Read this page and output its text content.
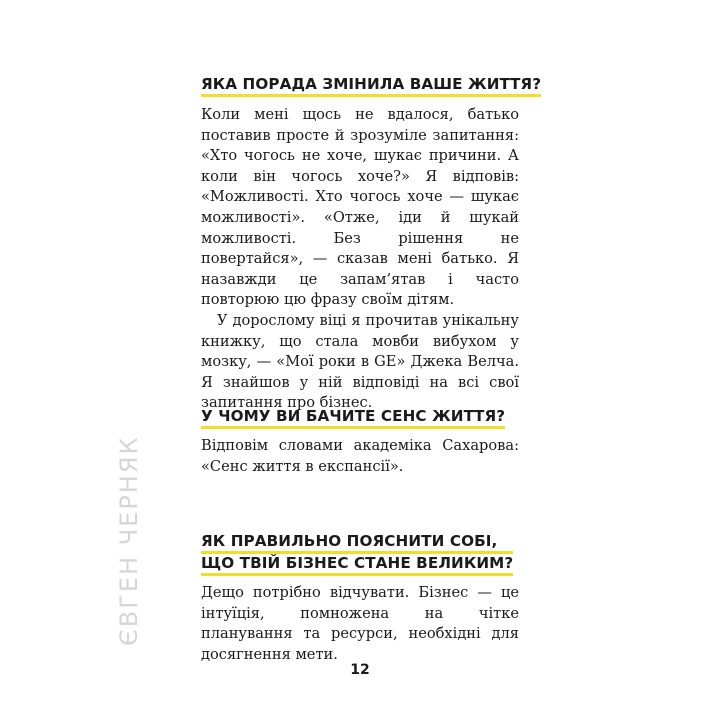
ЄВГЕН ЧЕРНЯК
ЯКА ПОРАДА ЗМІНИЛА ВАШЕ ЖИТТЯ?

Коли мені щось не вдалося, батько поставив просте й зрозуміле запитання: «Хто чогось не хоче, шукає причини. А коли він чогось хоче?» Я відповів: «Можливості. Хто чогось хоче — шукає можливості». «Отже, іди й шукай можливості. Без рішення не повертайся», — сказав мені батько. Я назавжди це запам’ятав і часто повторюю цю фразу своїм дітям.

У дорослому віці я прочитав унікальну книжку, що стала мовби вибухом у мозку, — «Мої роки в GE» Джека Велча. Я знайшов у ній відповіді на всі свої запитання про бізнес.

У ЧОМУ ВИ БАЧИТЕ СЕНС ЖИТТЯ?

Відповім словами академіка Сахарова: «Сенс життя в експансії».

ЯК ПРАВИЛЬНО ПОЯСНИТИ СОБІ,
ЩО ТВІЙ БІЗНЕС СТАНЕ ВЕЛИКИМ?

Дещо потрібно відчувати. Бізнес — це інтуїція, помножена на чітке планування та ресурси, необхідні для досягнення мети.

12
